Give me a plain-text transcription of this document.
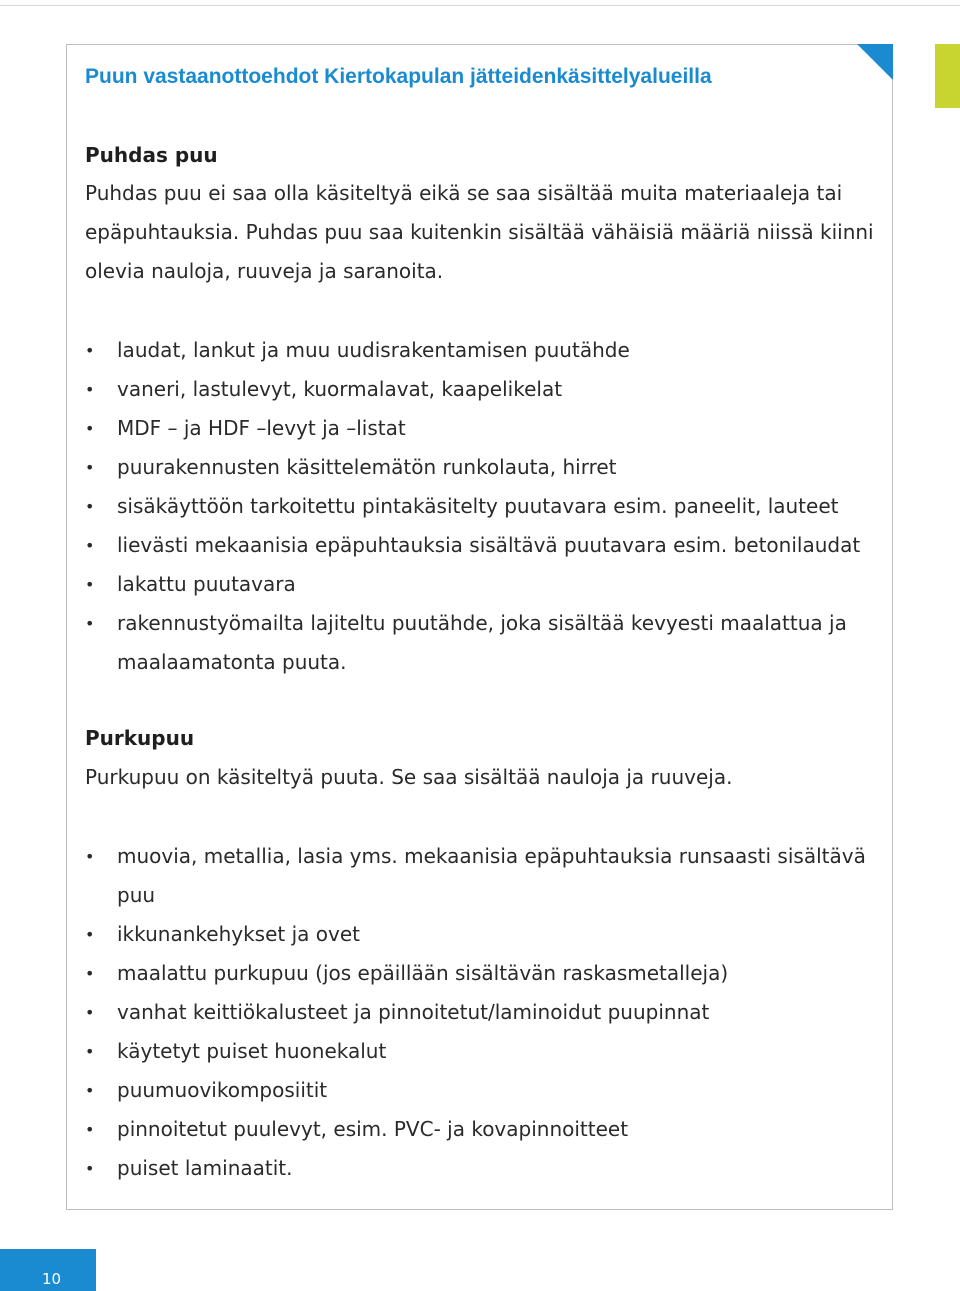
Puun vastaanottoehdot Kiertokapulan jätteidenkäsittelyalueilla
Puhdas puu

Puhdas puu ei saa olla käsiteltyä eikä se saa sisältää muita materiaaleja tai epäpuhtauksia. Puhdas puu saa kuitenkin sisältää vähäisiä määriä niissä kiinni olevia nauloja, ruuveja ja saranoita.

• laudat, lankut ja muu uudisrakentamisen puutähde
• vaneri, lastulevyt, kuormalavat, kaapelikelat
• MDF – ja HDF –levyt ja –listat
• puurakennusten käsittelemätön runkolauta, hirret
• sisäkäyttöön tarkoitettu pintakäsitelty puutavara esim. paneelit, lauteet
• lievästi mekaanisia epäpuhtauksia sisältävä puutavara esim. betonilaudat
• lakattu puutavara
• rakennustyömailta lajiteltu puutähde, joka sisältää kevyesti maalattua ja maalaamatonta puuta.
Purkupuu

Purkupuu on käsiteltyä puuta. Se saa sisältää nauloja ja ruuveja.

• muovia, metallia, lasia yms. mekaanisia epäpuhtauksia runsaasti sisältävä puu
• ikkunankehykset ja ovet
• maalattu purkupuu (jos epäillään sisältävän raskasmetalleja)
• vanhat keittiökalusteet ja pinnoitetut/laminoidut puupinnat
• käytetyt puiset huonekalut
• puumuovikomposiitit
• pinnoitetut puulevyt, esim. PVC- ja kovapinnoitteet
• puiset laminaatit.
10
